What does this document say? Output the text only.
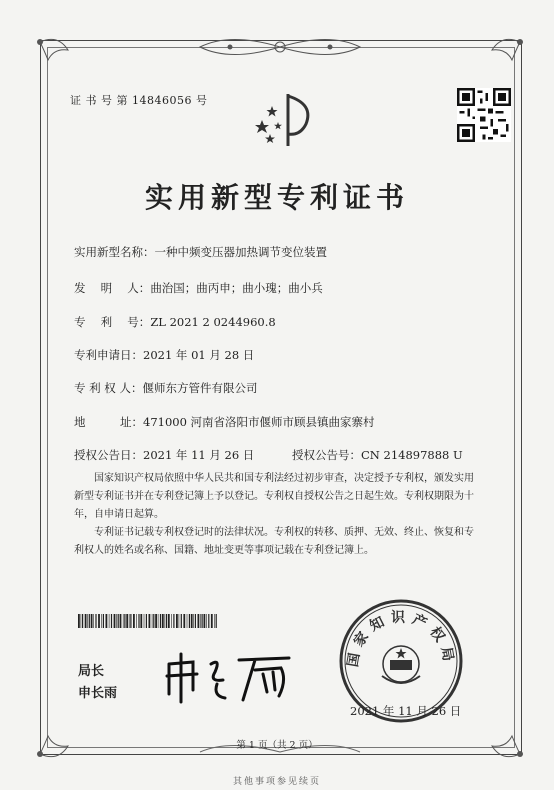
证 书 号 第 14846056 号
实用新型专利证书
实用新型名称：一种中频变压器加热调节变位装置
发　 明　 人：曲治国；曲丙申；曲小瑰；曲小兵
专　 利　 号：ZL 2021 2 0244960.8
专利申请日：2021 年 01 月 28 日
专 利 权 人：偃师东方管件有限公司
地　　　址：471000 河南省洛阳市偃师市顾县镇曲家寨村
授权公告日：2021 年 11 月 26 日	授权公告号：CN 214897888 U
　　国家知识产权局依照中华人民共和国专利法经过初步审查，决定授予专利权，颁发实用
新型专利证书并在专利登记簿上予以登记。专利权自授权公告之日起生效。专利权期限为十
年，自申请日起算。
　　专利证书记载专利权登记时的法律状况。专利权的转移、质押、无效、终止、恢复和专
利权人的姓名或名称、国籍、地址变更等事项记载在专利登记簿上。
局长
申长雨
国家知识产权局
2021 年 11 月 26 日
第 1 页（共 2 页）
其他事项参见续页
